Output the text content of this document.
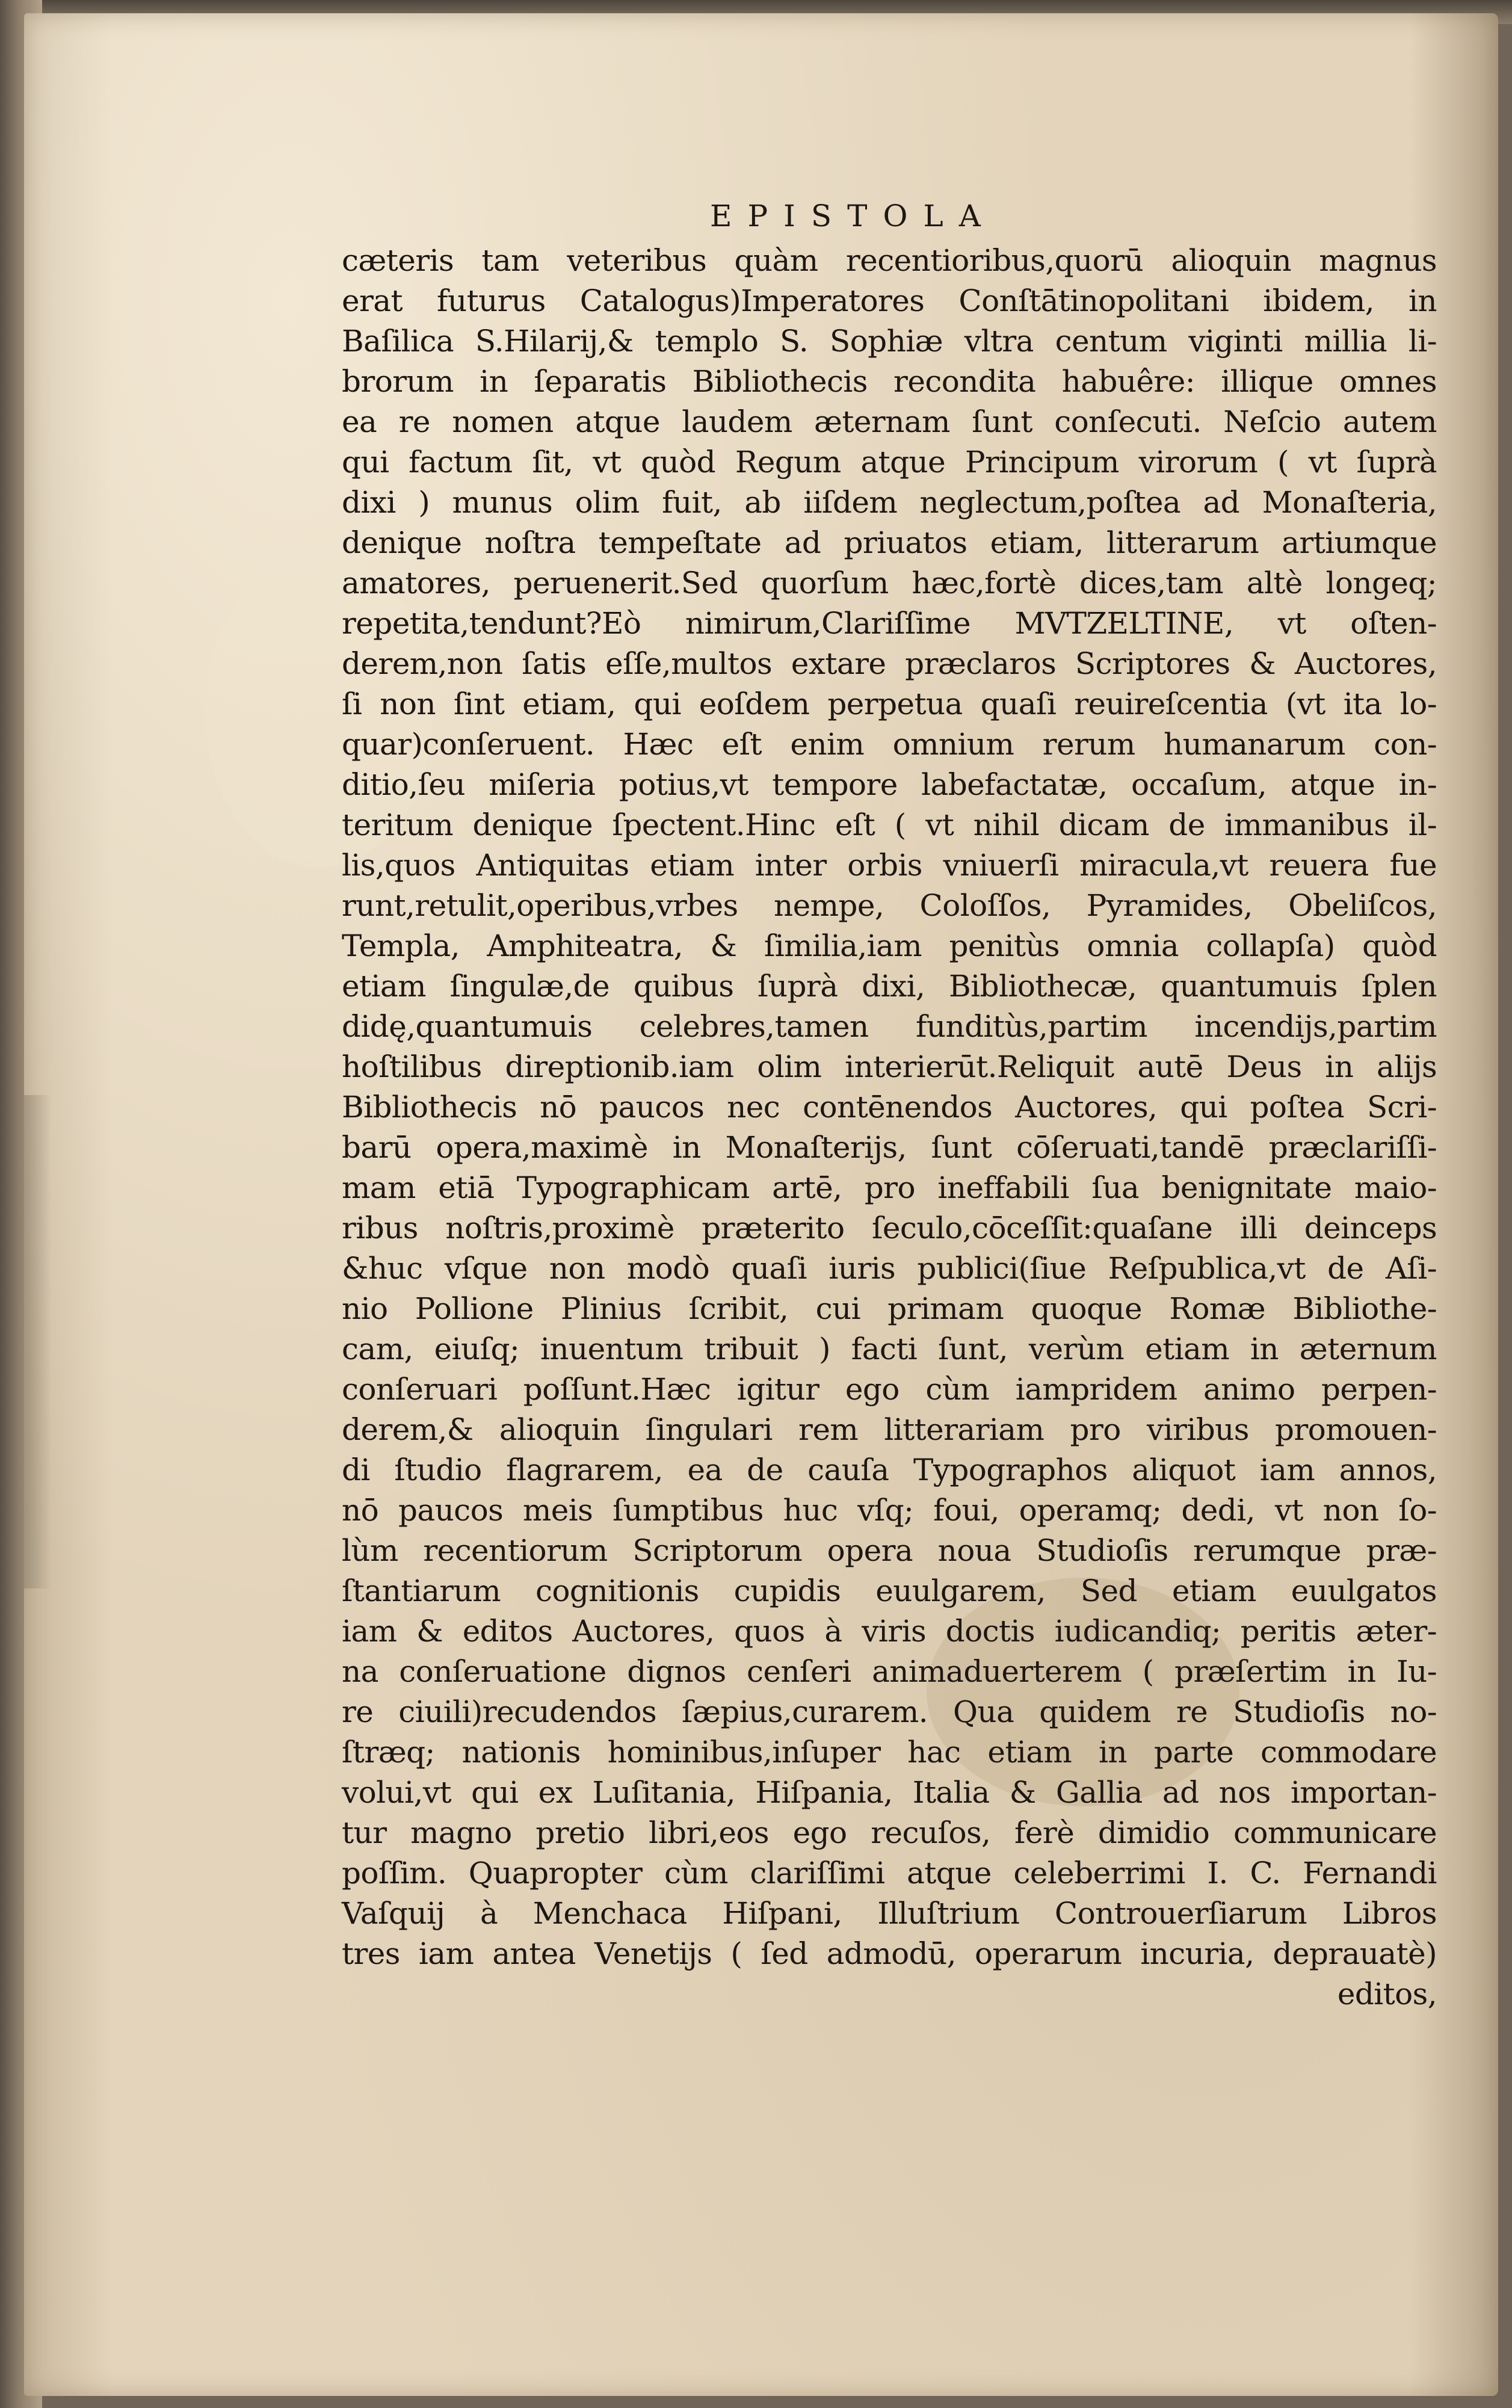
EPISTOLA
cæteris tam veteribus quàm recentioribus,quorū alioquin magnus
erat futurus Catalogus)Imperatores Conſtātinopolitani ibidem, in
Baſilica S.Hilarij,& templo S. Sophiæ vltra centum viginti millia li-
brorum in ſeparatis Bibliothecis recondita habuêre: illique omnes
ea re nomen atque laudem æternam ſunt conſecuti. Neſcio autem
qui factum ſit, vt quòd Regum atque Principum virorum ( vt ſuprà
dixi ) munus olim fuit, ab iiſdem neglectum,poſtea ad Monaſteria,
denique noſtra tempeſtate ad priuatos etiam, litterarum artiumque
amatores, peruenerit.Sed quorſum hæc,fortè dices,tam altè longeq;
repetita,tendunt?Eò nimirum,Clariſſime MVTZELTINE, vt oſten-
derem,non ſatis eſſe,multos extare præclaros Scriptores & Auctores,
ſi non ſint etiam, qui eoſdem perpetua quaſi reuireſcentia (vt ita lo-
quar)conſeruent. Hæc eſt enim omnium rerum humanarum con-
ditio,ſeu miſeria potius,vt tempore labefactatæ, occaſum, atque in-
teritum denique ſpectent.Hinc eſt ( vt nihil dicam de immanibus il-
lis,quos Antiquitas etiam inter orbis vniuerſi miracula,vt reuera fue
runt,retulit,operibus,vrbes nempe, Coloſſos, Pyramides, Obeliſcos,
Templa, Amphiteatra, & ſimilia,iam penitùs omnia collapſa) quòd
etiam ſingulæ,de quibus ſuprà dixi, Bibliothecæ, quantumuis ſplen
didę,quantumuis celebres,tamen funditùs,partim incendijs,partim
hoſtilibus direptionib.iam olim interierūt.Reliquit autē Deus in alijs
Bibliothecis nō paucos nec contēnendos Auctores, qui poſtea Scri-
barū opera,maximè in Monaſterijs, ſunt cōſeruati,tandē præclariſſi-
mam etiā Typographicam artē, pro ineffabili ſua benignitate maio-
ribus noſtris,proximè præterito ſeculo,cōceſſit:quaſane illi deinceps
&huc vſque non modò quaſi iuris publici(ſiue Reſpublica,vt de Aſi-
nio Pollione Plinius ſcribit, cui primam quoque Romæ Bibliothe-
cam, eiuſq; inuentum tribuit ) facti ſunt, verùm etiam in æternum
conſeruari poſſunt.Hæc igitur ego cùm iampridem animo perpen-
derem,& alioquin ſingulari rem litterariam pro viribus promouen-
di ſtudio flagrarem, ea de cauſa Typographos aliquot iam annos,
nō paucos meis ſumptibus huc vſq; foui, operamq; dedi, vt non ſo-
lùm recentiorum Scriptorum opera noua Studioſis rerumque præ-
ſtantiarum cognitionis cupidis euulgarem, Sed etiam euulgatos
iam & editos Auctores, quos à viris doctis iudicandiq; peritis æter-
na conſeruatione dignos cenſeri animaduerterem ( præſertim in Iu-
re ciuili)recudendos ſæpius,curarem. Qua quidem re Studioſis no-
ſtræq; nationis hominibus,inſuper hac etiam in parte commodare
volui,vt qui ex Luſitania, Hiſpania, Italia & Gallia ad nos importan-
tur magno pretio libri,eos ego recuſos, ferè dimidio communicare
poſſim. Quapropter cùm clariſſimi atque celeberrimi I. C. Fernandi
Vaſquij à Menchaca Hiſpani, Illuſtrium Controuerſiarum Libros
tres iam antea Venetijs ( ſed admodū, operarum incuria, deprauatè)
editos,
